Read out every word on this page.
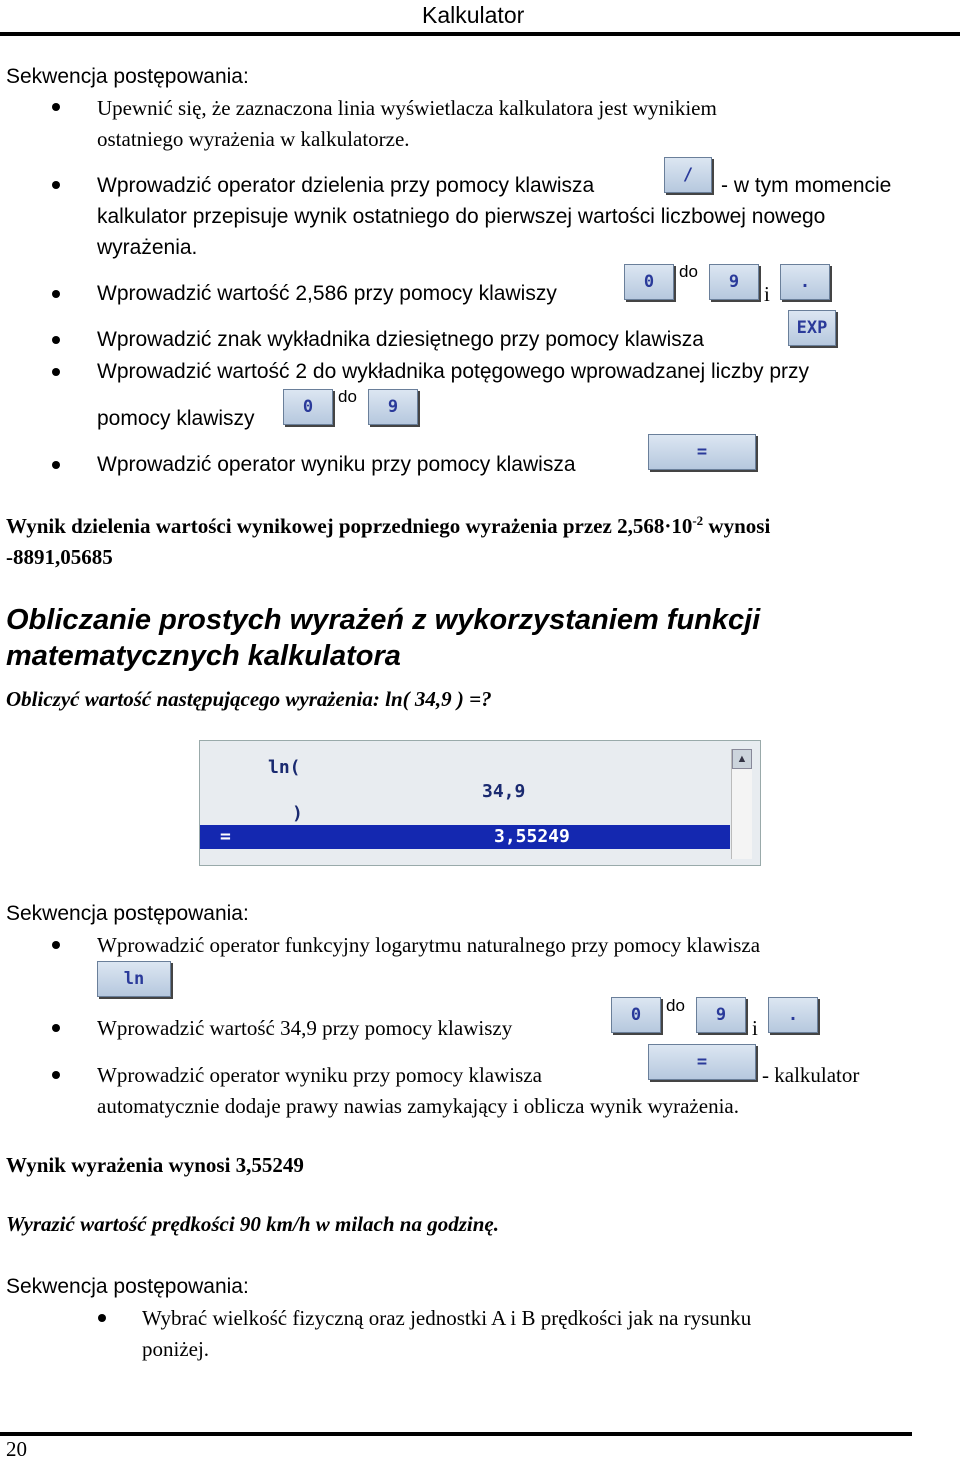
Kalkulator
Sekwencja postępowania:
Upewnić się, że zaznaczona linia wyświetlacza kalkulatora jest wynikiem
ostatniego wyrażenia w kalkulatorze.
Wprowadzić operator dzielenia przy pomocy klawisza	/	- w tym momencie
kalkulator przepisuje wynik ostatniego do pierwszej wartości liczbowej nowego
wyrażenia.
Wprowadzić wartość 2,586 przy pomocy klawiszy	0
do
9	i	.
Wprowadzić znak wykładnika dziesiętnego przy pomocy klawisza	EXP
Wprowadzić wartość 2 do wykładnika potęgowego wprowadzanej liczby przy
pomocy klawiszy	0
do
9
Wprowadzić operator wyniku przy pomocy klawisza
=
Wynik dzielenia wartości wynikowej poprzedniego wyrażenia przez $2,568\cdot 10^{-2}$ wynosi
-8891,05685
Obliczanie prostych wyrażeń z wykorzystaniem funkcji
matematycznych kalkulatora
Obliczyć wartość następującego wyrażenia: ln( 34,9 ) =?
ln(
34,9
)
=	3,55249
▲
Sekwencja postępowania:
Wprowadzić operator funkcyjny logarytmu naturalnego przy pomocy klawisza
ln
Wprowadzić wartość 34,9 przy pomocy klawiszy
0	do	9
i
.
Wprowadzić operator wyniku przy pomocy klawisza
=
- kalkulator
automatycznie dodaje prawy nawias zamykający i oblicza wynik wyrażenia.
Wynik wyrażenia wynosi 3,55249
Wyrazić wartość prędkości 90 km/h w milach na godzinę.
Sekwencja postępowania:
Wybrać wielkość fizyczną oraz jednostki A i B prędkości jak na rysunku
poniżej.
20
